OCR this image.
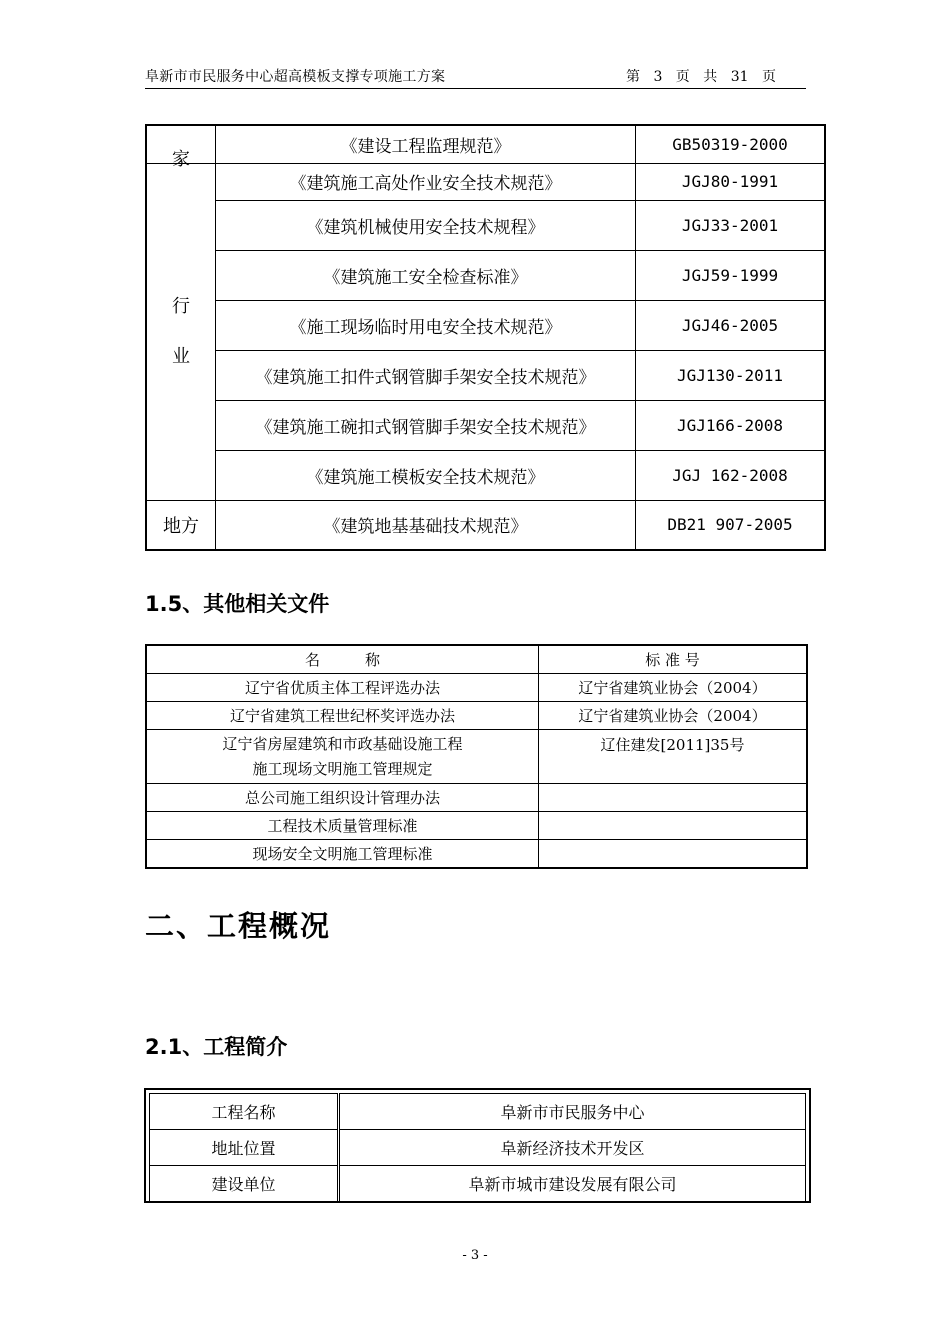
阜新市市民服务中心超高模板支撑专项施工方案	第 3 页 共 31 页
家	《建设工程监理规范》	GB50319-2000

行
业	《建筑施工高处作业安全技术规范》	JGJ80-1991
	《建筑机械使用安全技术规程》	JGJ33-2001
	《建筑施工安全检查标准》	JGJ59-1999
	《施工现场临时用电安全技术规范》	JGJ46-2005
	《建筑施工扣件式钢管脚手架安全技术规范》	JGJ130-2011
	《建筑施工碗扣式钢管脚手架安全技术规范》	JGJ166-2008
	《建筑施工模板安全技术规范》	JGJ 162-2008
地方	《建筑地基基础技术规范》	DB21 907-2005
1.5、其他相关文件
名　　　称	标 准 号
辽宁省优质主体工程评选办法	辽宁省建筑业协会（2004）
辽宁省建筑工程世纪杯奖评选办法	辽宁省建筑业协会（2004）

辽宁省房屋建筑和市政基础设施工程
施工现场文明施工管理规定	辽住建发[2011]35号
总公司施工组织设计管理办法	
工程技术质量管理标准	
现场安全文明施工管理标准	
二、工程概况
2.1、工程简介
工程名称	阜新市市民服务中心
地址位置	阜新经济技术开发区
建设单位	阜新市城市建设发展有限公司
- 3 -
